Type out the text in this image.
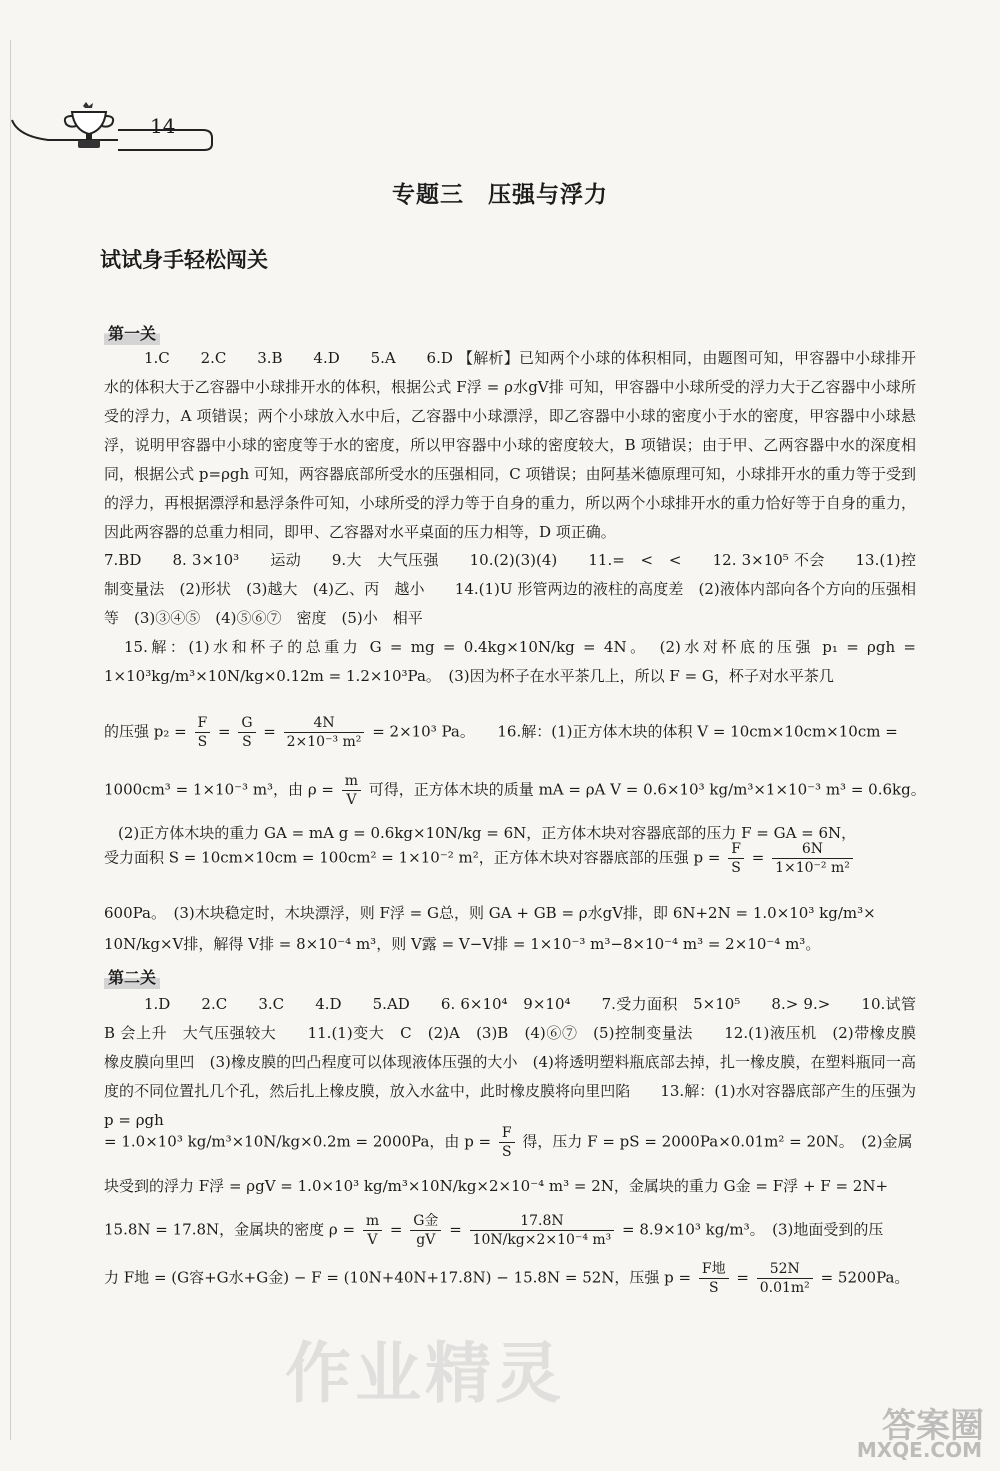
14
专题三　压强与浮力
试试身手轻松闯关
第一关
1.C　　2.C　　3.B　　4.D　　5.A　　6.D 【解析】已知两个小球的体积相同，由题图可知，甲容器中小球排开水的体积大于乙容器中小球排开水的体积，根据公式 F浮 = ρ水gV排 可知，甲容器中小球所受的浮力大于乙容器中小球所受的浮力，A 项错误；两个小球放入水中后，乙容器中小球漂浮，即乙容器中小球的密度小于水的密度，甲容器中小球悬浮，说明甲容器中小球的密度等于水的密度，所以甲容器中小球的密度较大，B 项错误；由于甲、乙两容器中水的深度相同，根据公式 p=ρgh 可知，两容器底部所受水的压强相同，C 项错误；由阿基米德原理可知，小球排开水的重力等于受到的浮力，再根据漂浮和悬浮条件可知，小球所受的浮力等于自身的重力，所以两个小球排开水的重力恰好等于自身的重力，因此两容器的总重力相同，即甲、乙容器对水平桌面的压力相等，D 项正确。
7.BD　　8. 3×10³　　运动　　9.大　大气压强　　10.(2)(3)(4)　　11.=　<　<　　12. 3×10⁵ 不会　　13.(1)控制变量法　(2)形状　(3)越大　(4)乙、丙　越小　　14.(1)U 形管两边的液柱的高度差　(2)液体内部向各个方向的压强相等　(3)③④⑤　(4)⑤⑥⑦　密度　(5)小　相平
15.解：(1)水和杯子的总重力 G = mg = 0.4kg×10N/kg = 4N。　(2)水对杯底的压强 p₁ = ρgh = 1×10³kg/m³×10N/kg×0.12m = 1.2×10³Pa。　(3)因为杯子在水平茶几上，所以 F = G，杯子对水平茶几
的压强 $p_2 = \frac{F}{S} = \frac{G}{S} = \frac{4N}{\text{2×10⁻³ m²}} = 2\times 10^3$ Pa。　　16.解：(1)正方体木块的体积 V = 10cm×10cm×10cm =
1000cm³ = 1×10⁻³ m³，由 $\rho = \frac{m}{V}$ 可得，正方体木块的质量 mA = ρA V = 0.6×10³ kg/m³×1×10⁻³ m³ = 0.6kg。
(2)正方体木块的重力 GA = mA g = 0.6kg×10N/kg = 6N，正方体木块对容器底部的压力 F = GA = 6N，
受力面积 S = 10cm×10cm = 100cm² = 1×10⁻² m²，正方体木块对容器底部的压强 $p = \frac{F}{S} = \frac{6N}{\text{1×10⁻² m²}}$
600Pa。　(3)木块稳定时，木块漂浮，则 F浮 = G总，则 GA + GB = ρ水gV排，即 6N+2N = 1.0×10³ kg/m³×
10N/kg×V排，解得 V排 = 8×10⁻⁴ m³，则 V露 = V−V排 = 1×10⁻³ m³−8×10⁻⁴ m³ = 2×10⁻⁴ m³。
第二关
1.D　　2.C　　3.C　　4.D　　5.AD　　6. 6×10⁴　9×10⁴　　7.受力面积　5×10⁵　　8.> 9.>　　10.试管 B 会上升　大气压强较大　　11.(1)变大　C　(2)A　(3)B　(4)⑥⑦　(5)控制变量法　　12.(1)液压机　(2)带橡皮膜　橡皮膜向里凹　(3)橡皮膜的凹凸程度可以体现液体压强的大小　(4)将透明塑料瓶底部去掉，扎一橡皮膜，在塑料瓶同一高度的不同位置扎几个孔，然后扎上橡皮膜，放入水盆中，此时橡皮膜将向里凹陷　　13.解：(1)水对容器底部产生的压强为 p = ρgh
= 1.0×10³ kg/m³×10N/kg×0.2m = 2000Pa，由 $p = \frac{F}{S}$ 得，压力 F = pS = 2000Pa×0.01m² = 20N。　(2)金属
块受到的浮力 F浮 = ρgV = 1.0×10³ kg/m³×10N/kg×2×10⁻⁴ m³ = 2N，金属块的重力 G金 = F浮 + F = 2N+
15.8N = 17.8N，金属块的密度 $\rho = \frac{m}{V} = \frac{\text{G金}}{gV} = \frac{17.8N}{\text{10N/kg×2×10⁻⁴ m³}} = 8.9\times 10^3$ kg/m³。　(3)地面受到的压
力 F地 = (G容+G水+G金) − F = (10N+40N+17.8N) − 15.8N = 52N，压强 $p = \frac{\text{F地}}{S} = \frac{52N}{\text{0.01m²}} = 5200Pa$。
作业精灵
答案圈
MXQE.COM
